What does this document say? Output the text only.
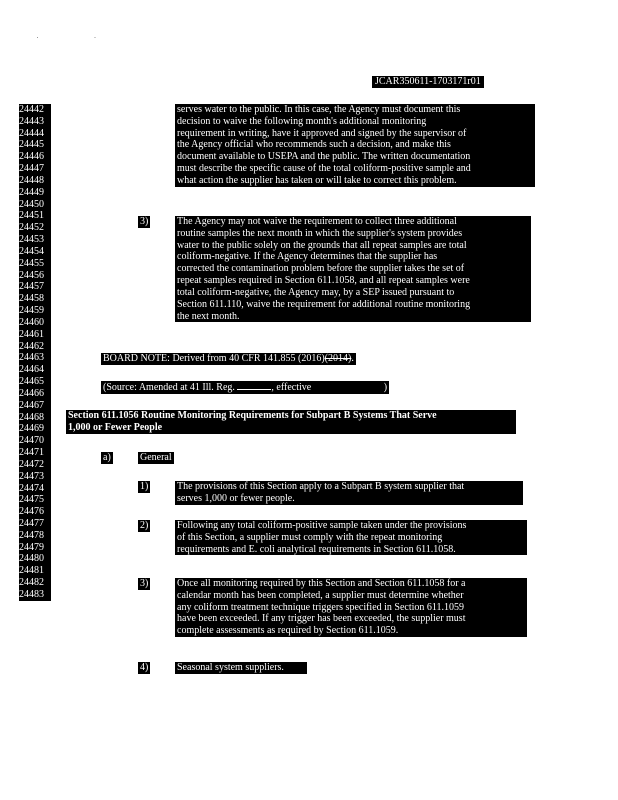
· ·
JCAR350611-1703171r01
24442
24443
24444
24445
24446
24447
24448
24449
24450
24451
24452
24453
24454
24455
24456
24457
24458
24459
24460
24461
24462
24463
24464
24465
24466
24467
24468
24469
24470
24471
24472
24473
24474
24475
24476
24477
24478
24479
24480
24481
24482
24483
serves water to the public. In this case, the Agency must document this
decision to waive the following month's additional monitoring
requirement in writing, have it approved and signed by the supervisor of
the Agency official who recommends such a decision, and make this
document available to USEPA and the public. The written documentation
must describe the specific cause of the total coliform-positive sample and
what action the supplier has taken or will take to correct this problem.
3)	The Agency may not waive the requirement to collect three additional
routine samples the next month in which the supplier's system provides
water to the public solely on the grounds that all repeat samples are total
coliform-negative. If the Agency determines that the supplier has
corrected the contamination problem before the supplier takes the set of
repeat samples required in Section 611.1058, and all repeat samples were
total coliform-negative, the Agency may, by a SEP issued pursuant to
Section 611.110, waive the requirement for additional routine monitoring
the next month.
BOARD NOTE: Derived from 40 CFR 141.855 (2016)(2014).
(Source: Amended at 41 Ill. Reg.	, effective	)
Section 611.1056 Routine Monitoring Requirements for Subpart B Systems That Serve
1,000 or Fewer People
a)	General
1)	The provisions of this Section apply to a Subpart B system supplier that
serves 1,000 or fewer people.
2)	Following any total coliform-positive sample taken under the provisions
of this Section, a supplier must comply with the repeat monitoring
requirements and E. coli analytical requirements in Section 611.1058.
3)	Once all monitoring required by this Section and Section 611.1058 for a
calendar month has been completed, a supplier must determine whether
any coliform treatment technique triggers specified in Section 611.1059
have been exceeded. If any trigger has been exceeded, the supplier must
complete assessments as required by Section 611.1059.
4)	Seasonal system suppliers.
